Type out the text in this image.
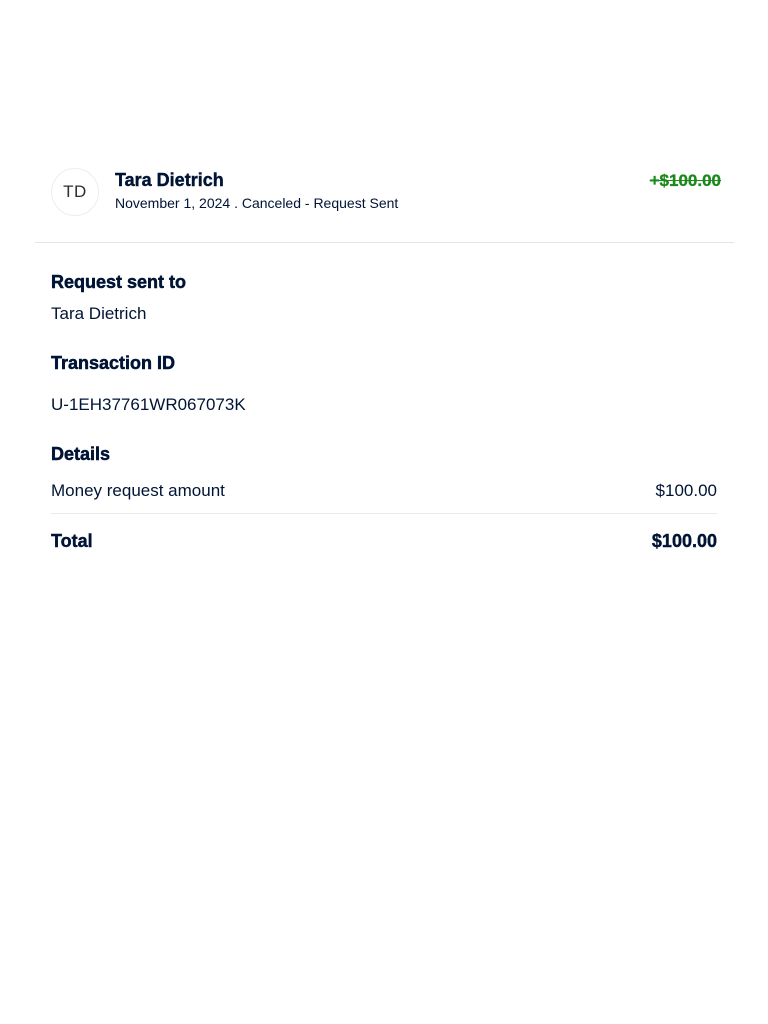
TD
Tara Dietrich
November 1, 2024 . Canceled - Request Sent
+$100.00
Request sent to
Tara Dietrich
Transaction ID
U-1EH37761WR067073K
Details
Money request amount	$100.00
Total	$100.00
